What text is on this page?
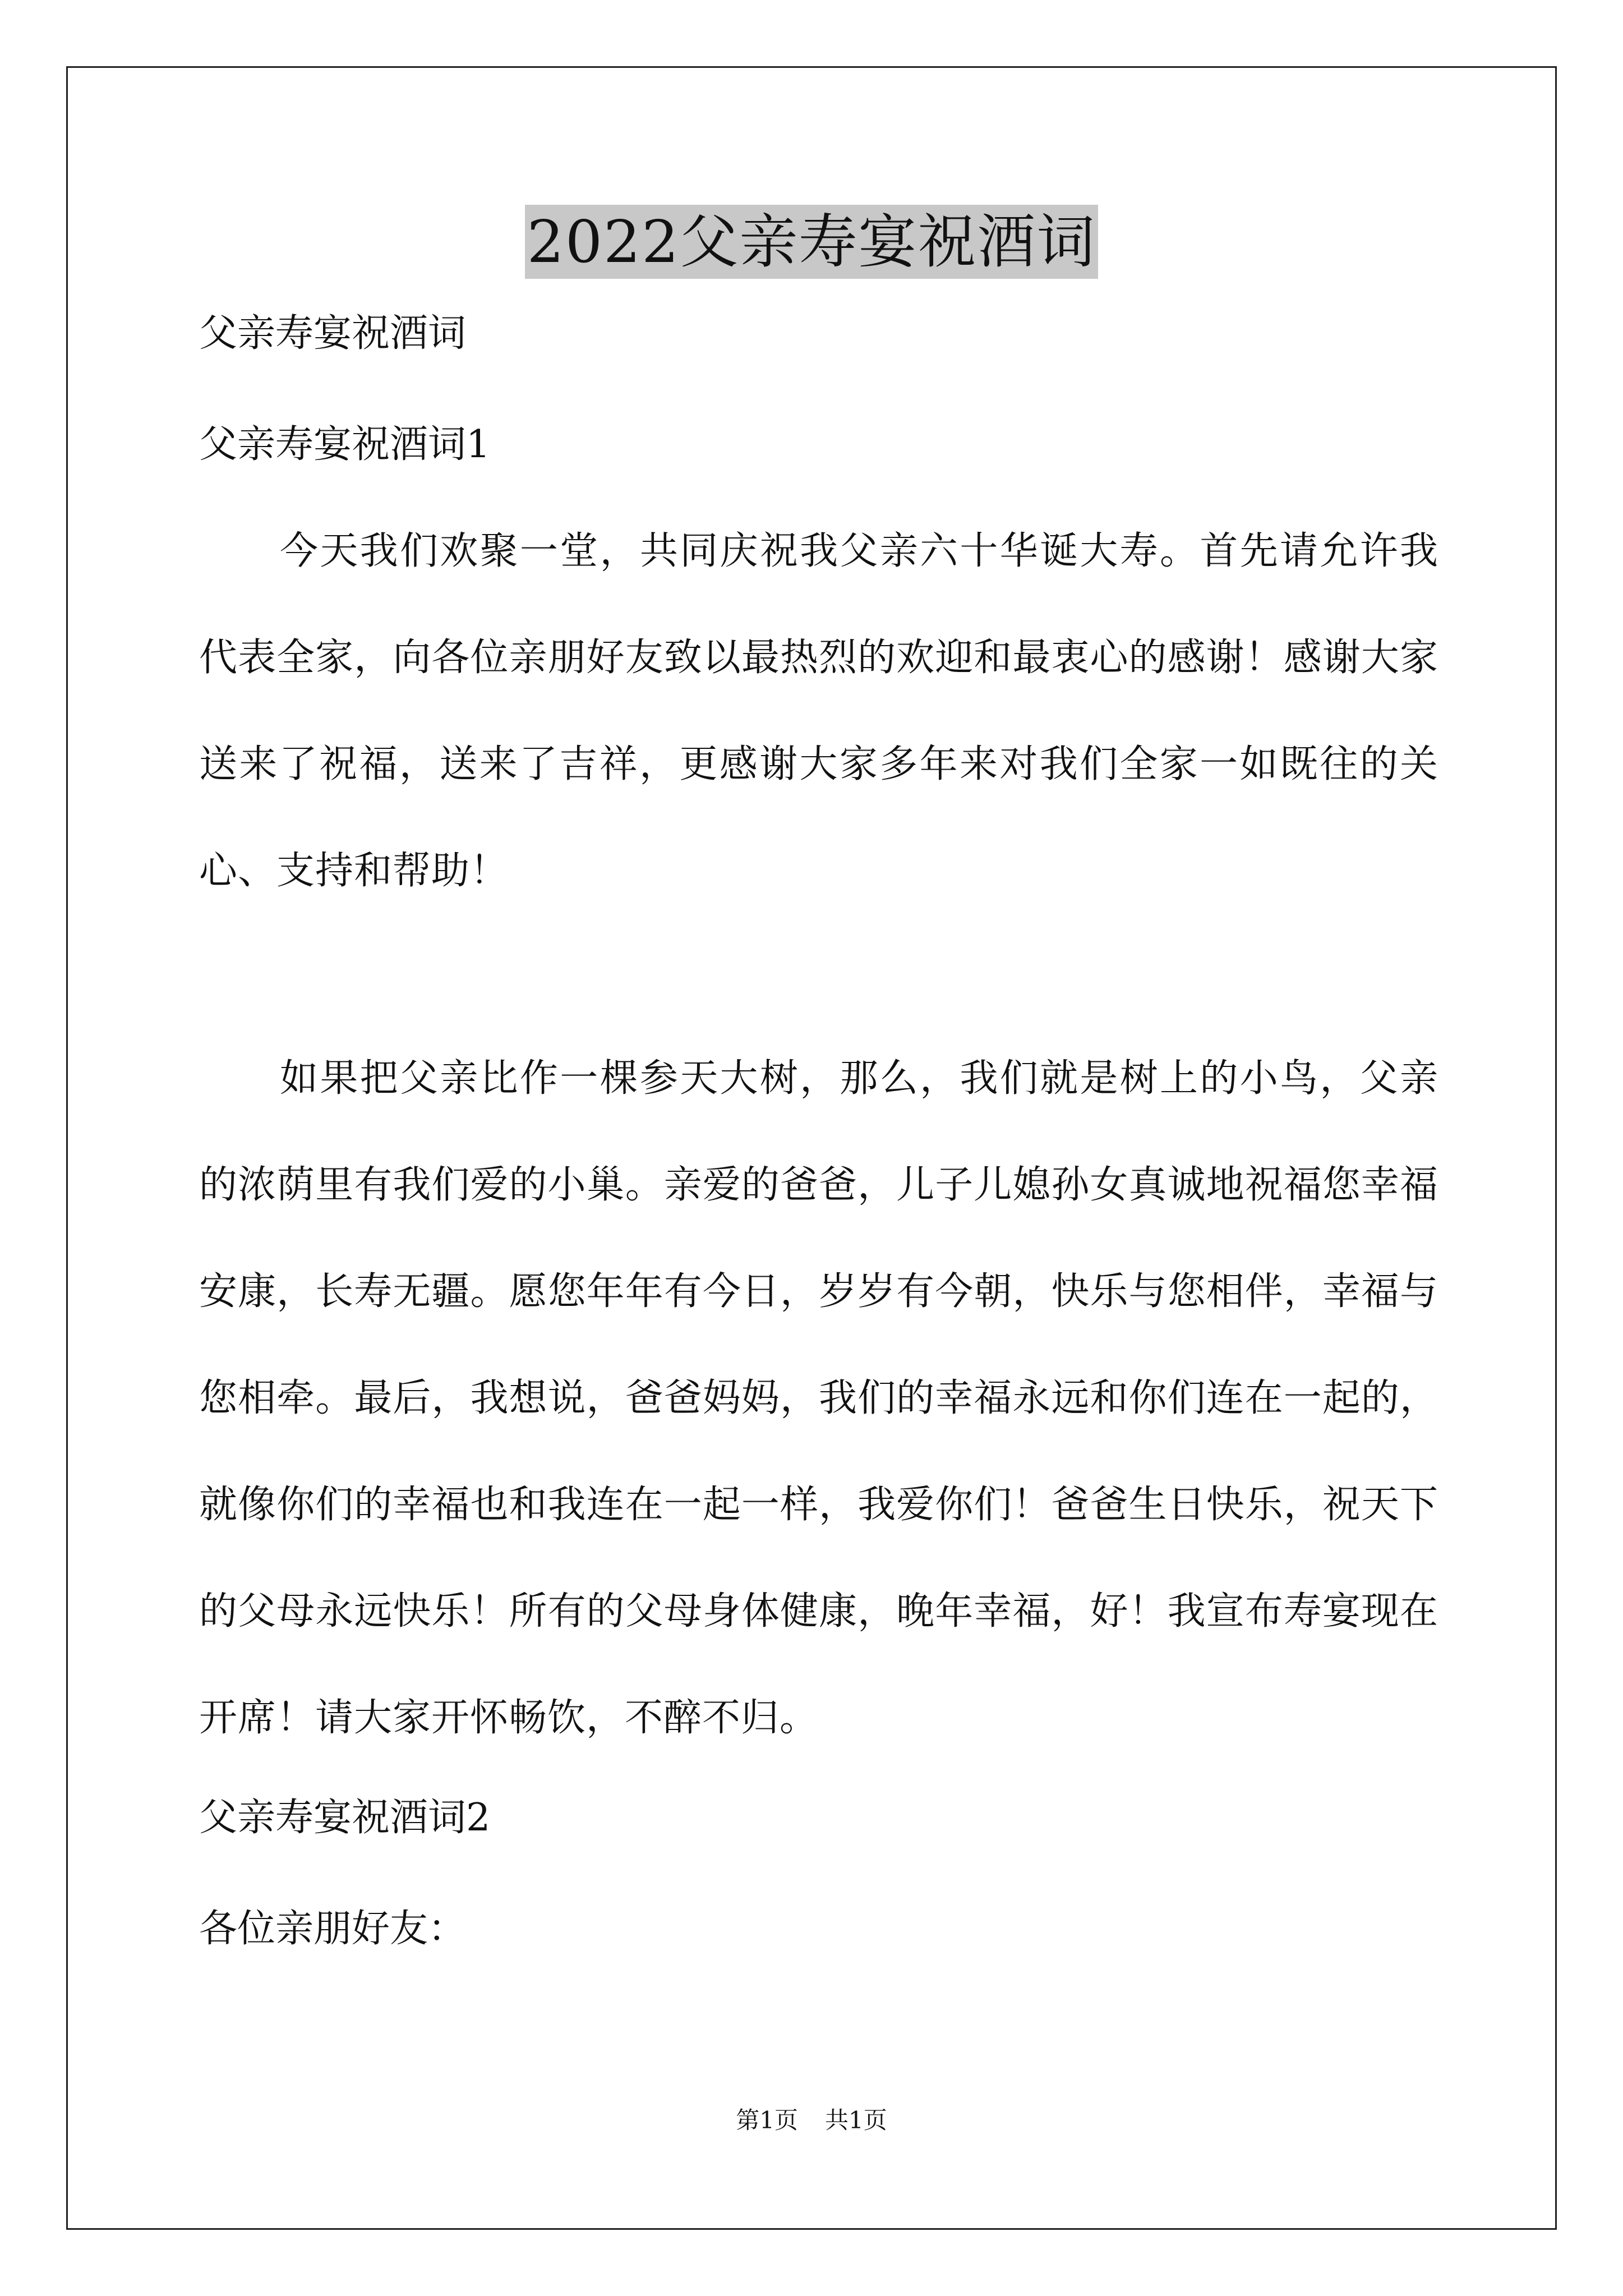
2022父亲寿宴祝酒词
父亲寿宴祝酒词
父亲寿宴祝酒词1

今天我们欢聚一堂，共同庆祝我父亲六十华诞大寿。首先请允许我代表全家，向各位亲朋好友致以最热烈的欢迎和最衷心的感谢！感谢大家送来了祝福，送来了吉祥，更感谢大家多年来对我们全家一如既往的关心、支持和帮助！

如果把父亲比作一棵参天大树，那么，我们就是树上的小鸟，父亲的浓荫里有我们爱的小巢。亲爱的爸爸，儿子儿媳孙女真诚地祝福您幸福安康，长寿无疆。愿您年年有今日，岁岁有今朝，快乐与您相伴，幸福与您相牵。最后，我想说，爸爸妈妈，我们的幸福永远和你们连在一起的，就像你们的幸福也和我连在一起一样，我爱你们！爸爸生日快乐，祝天下的父母永远快乐！所有的父母身体健康，晚年幸福，好！我宣布寿宴现在开席！请大家开怀畅饮，不醉不归。

父亲寿宴祝酒词2
各位亲朋好友：
第1页 共1页
